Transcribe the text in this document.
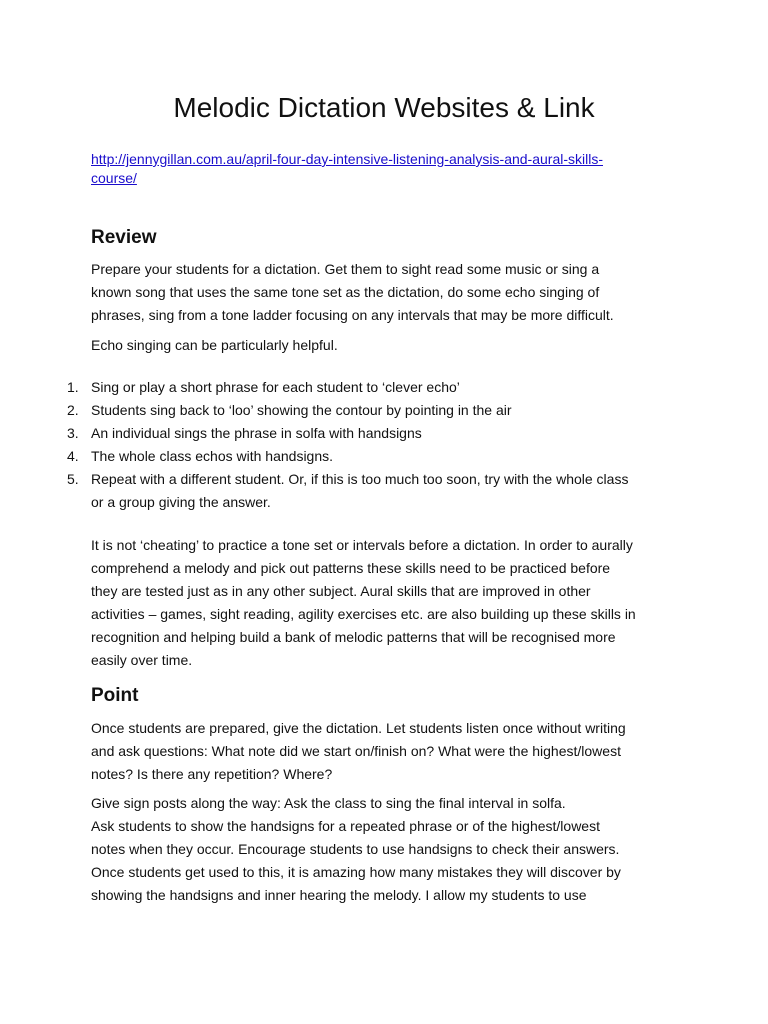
Melodic Dictation Websites & Link
http://jennygillan.com.au/april-four-day-intensive-listening-analysis-and-aural-skills-
course/
Review
Prepare your students for a dictation. Get them to sight read some music or sing a
known song that uses the same tone set as the dictation, do some echo singing of
phrases, sing from a tone ladder focusing on any intervals that may be more difficult.
Echo singing can be particularly helpful.
1. Sing or play a short phrase for each student to ‘clever echo’
2. Students sing back to ‘loo’ showing the contour by pointing in the air
3. An individual sings the phrase in solfa with handsigns
4. The whole class echos with handsigns.
5. Repeat with a different student. Or, if this is too much too soon, try with the whole class
or a group giving the answer.
It is not ‘cheating’ to practice a tone set or intervals before a dictation. In order to aurally
comprehend a melody and pick out patterns these skills need to be practiced before
they are tested just as in any other subject. Aural skills that are improved in other
activities – games, sight reading, agility exercises etc. are also building up these skills in
recognition and helping build a bank of melodic patterns that will be recognised more
easily over time.
Point
Once students are prepared, give the dictation. Let students listen once without writing
and ask questions: What note did we start on/finish on? What were the highest/lowest
notes? Is there any repetition? Where?
Give sign posts along the way: Ask the class to sing the final interval in solfa.
Ask students to show the handsigns for a repeated phrase or of the highest/lowest
notes when they occur. Encourage students to use handsigns to check their answers.
Once students get used to this, it is amazing how many mistakes they will discover by
showing the handsigns and inner hearing the melody. I allow my students to use
